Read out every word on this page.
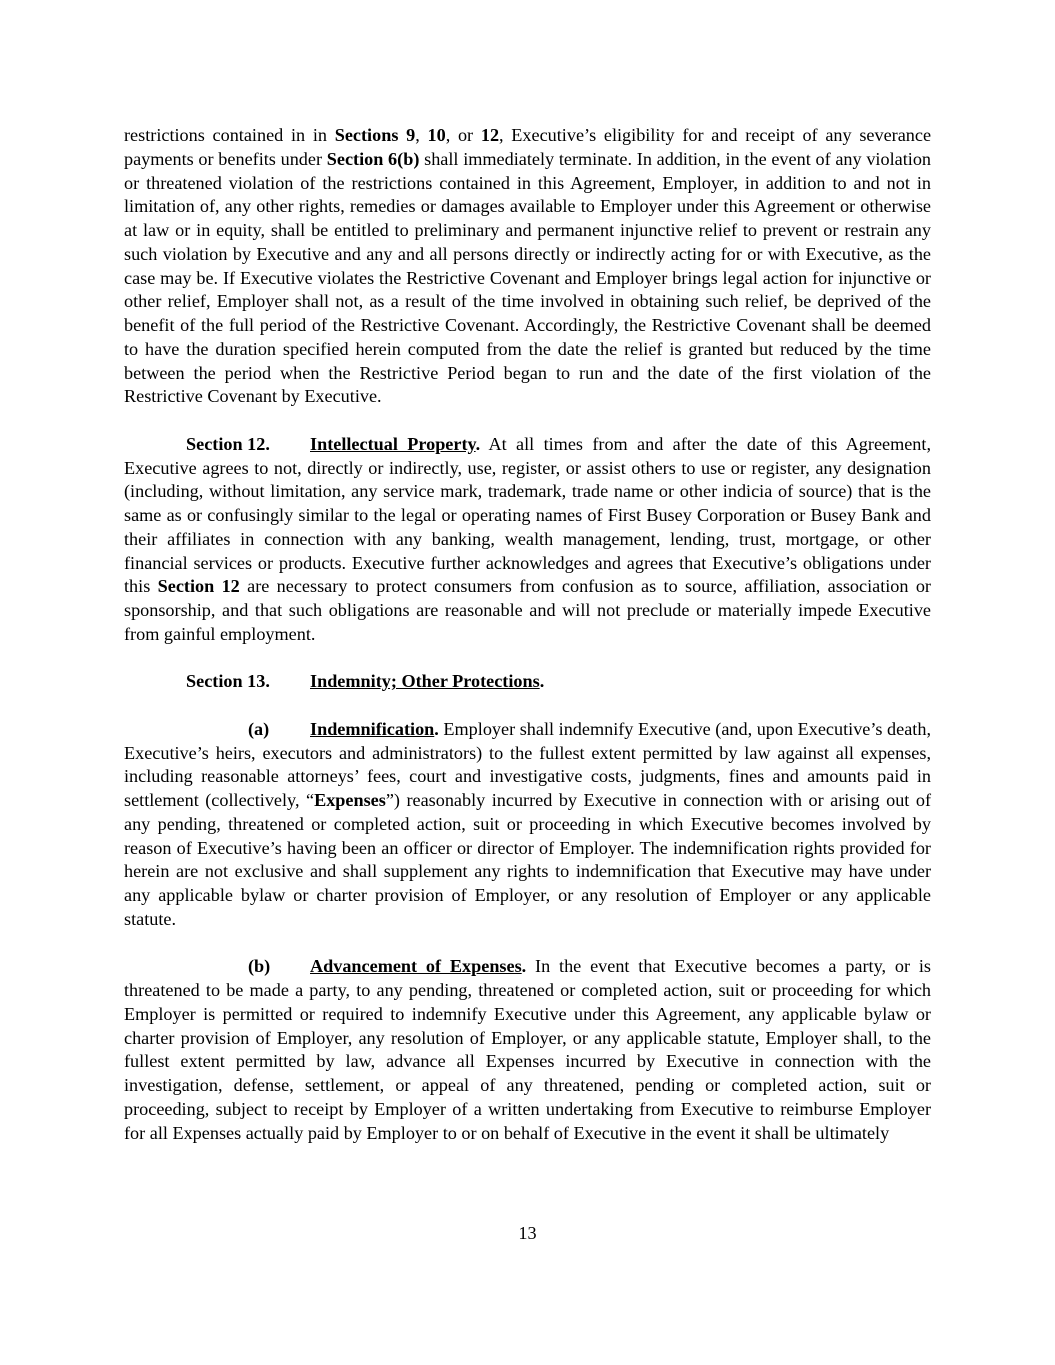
restrictions contained in in Sections 9, 10, or 12, Executive’s eligibility for and receipt of any severance payments or benefits under Section 6(b) shall immediately terminate. In addition, in the event of any violation or threatened violation of the restrictions contained in this Agreement, Employer, in addition to and not in limitation of, any other rights, remedies or damages available to Employer under this Agreement or otherwise at law or in equity, shall be entitled to preliminary and permanent injunctive relief to prevent or restrain any such violation by Executive and any and all persons directly or indirectly acting for or with Executive, as the case may be. If Executive violates the Restrictive Covenant and Employer brings legal action for injunctive or other relief, Employer shall not, as a result of the time involved in obtaining such relief, be deprived of the benefit of the full period of the Restrictive Covenant. Accordingly, the Restrictive Covenant shall be deemed to have the duration specified herein computed from the date the relief is granted but reduced by the time between the period when the Restrictive Period began to run and the date of the first violation of the Restrictive Covenant by Executive.

Section 12. Intellectual Property. At all times from and after the date of this Agreement, Executive agrees to not, directly or indirectly, use, register, or assist others to use or register, any designation (including, without limitation, any service mark, trademark, trade name or other indicia of source) that is the same as or confusingly similar to the legal or operating names of First Busey Corporation or Busey Bank and their affiliates in connection with any banking, wealth management, lending, trust, mortgage, or other financial services or products. Executive further acknowledges and agrees that Executive’s obligations under this Section 12 are necessary to protect consumers from confusion as to source, affiliation, association or sponsorship, and that such obligations are reasonable and will not preclude or materially impede Executive from gainful employment.

Section 13. Indemnity; Other Protections.

(a) Indemnification. Employer shall indemnify Executive (and, upon Executive’s death, Executive’s heirs, executors and administrators) to the fullest extent permitted by law against all expenses, including reasonable attorneys’ fees, court and investigative costs, judgments, fines and amounts paid in settlement (collectively, “Expenses”) reasonably incurred by Executive in connection with or arising out of any pending, threatened or completed action, suit or proceeding in which Executive becomes involved by reason of Executive’s having been an officer or director of Employer. The indemnification rights provided for herein are not exclusive and shall supplement any rights to indemnification that Executive may have under any applicable bylaw or charter provision of Employer, or any resolution of Employer or any applicable statute.

(b) Advancement of Expenses. In the event that Executive becomes a party, or is threatened to be made a party, to any pending, threatened or completed action, suit or proceeding for which Employer is permitted or required to indemnify Executive under this Agreement, any applicable bylaw or charter provision of Employer, any resolution of Employer, or any applicable statute, Employer shall, to the fullest extent permitted by law, advance all Expenses incurred by Executive in connection with the investigation, defense, settlement, or appeal of any threatened, pending or completed action, suit or proceeding, subject to receipt by Employer of a written undertaking from Executive to reimburse Employer for all Expenses actually paid by Employer to or on behalf of Executive in the event it shall be ultimately

13
